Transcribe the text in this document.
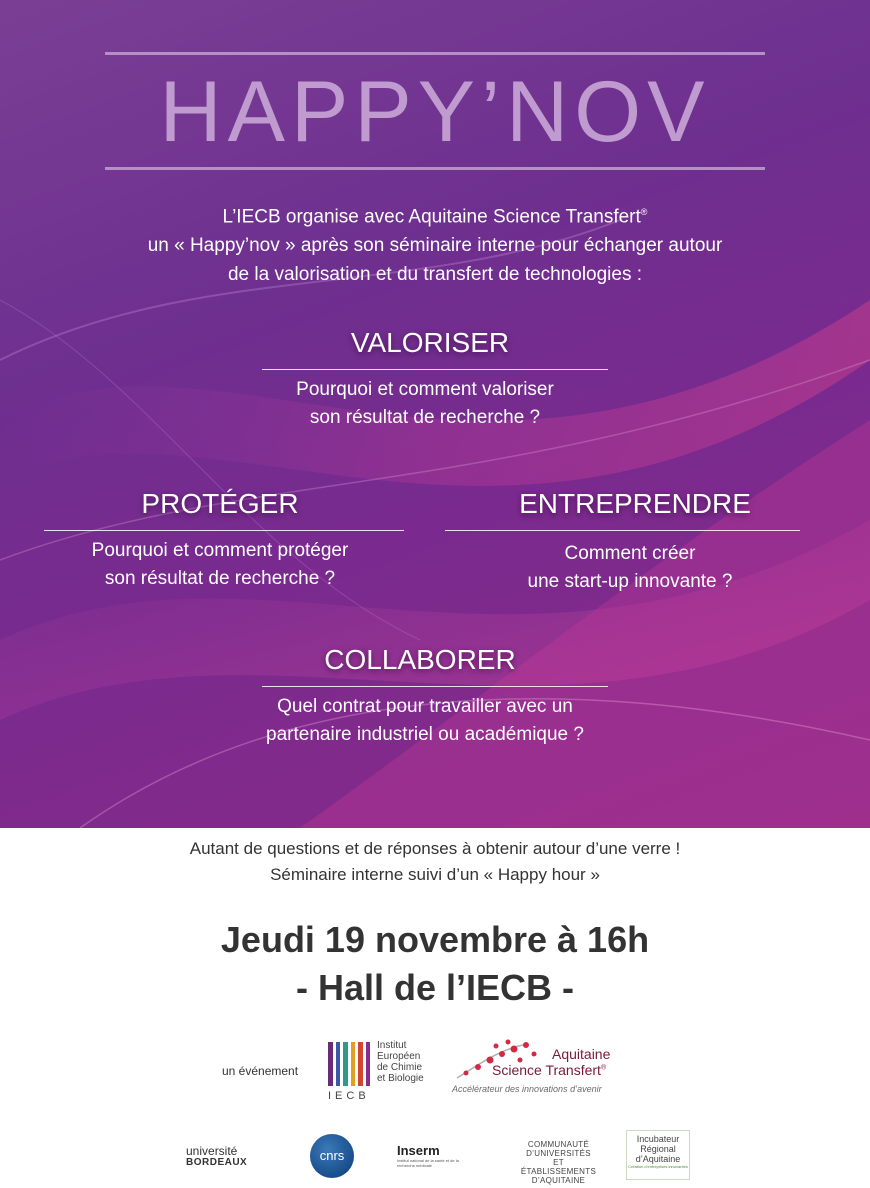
HAPPY’NOV

L’IECB organise avec Aquitaine Science Transfert®

un « Happy’nov » après son séminaire interne pour échanger autour

de la valorisation et du transfert de technologies :

VALORISER

Pourquoi et comment valoriser

son résultat de recherche ?

PROTÉGER

Pourquoi et comment protéger

son résultat de recherche ?

ENTREPRENDRE

Comment créer

une start-up innovante ?

COLLABORER

Quel contrat pour travailler avec un

partenaire industriel ou académique ?

Autant de questions et de réponses à obtenir autour d’une verre !

Séminaire interne suivi d’un « Happy hour »

Jeudi 19 novembre à 16h
- Hall de l’IECB -
un événement

Institut

Européen

de Chimie

et Biologie

IECB
Aquitaine
Science Transfert®
Accélérateur des innovations d’avenir
université
BORDEAUX	cnrs	Inserm
Institut national de la santé et de la recherche médicale
COMMUNAUTÉ
D’UNIVERSITÉS
ET ÉTABLISSEMENTS
D’AQUITAINE
Incubateur
Régional
d’Aquitaine
Création d’entreprises innovantes
